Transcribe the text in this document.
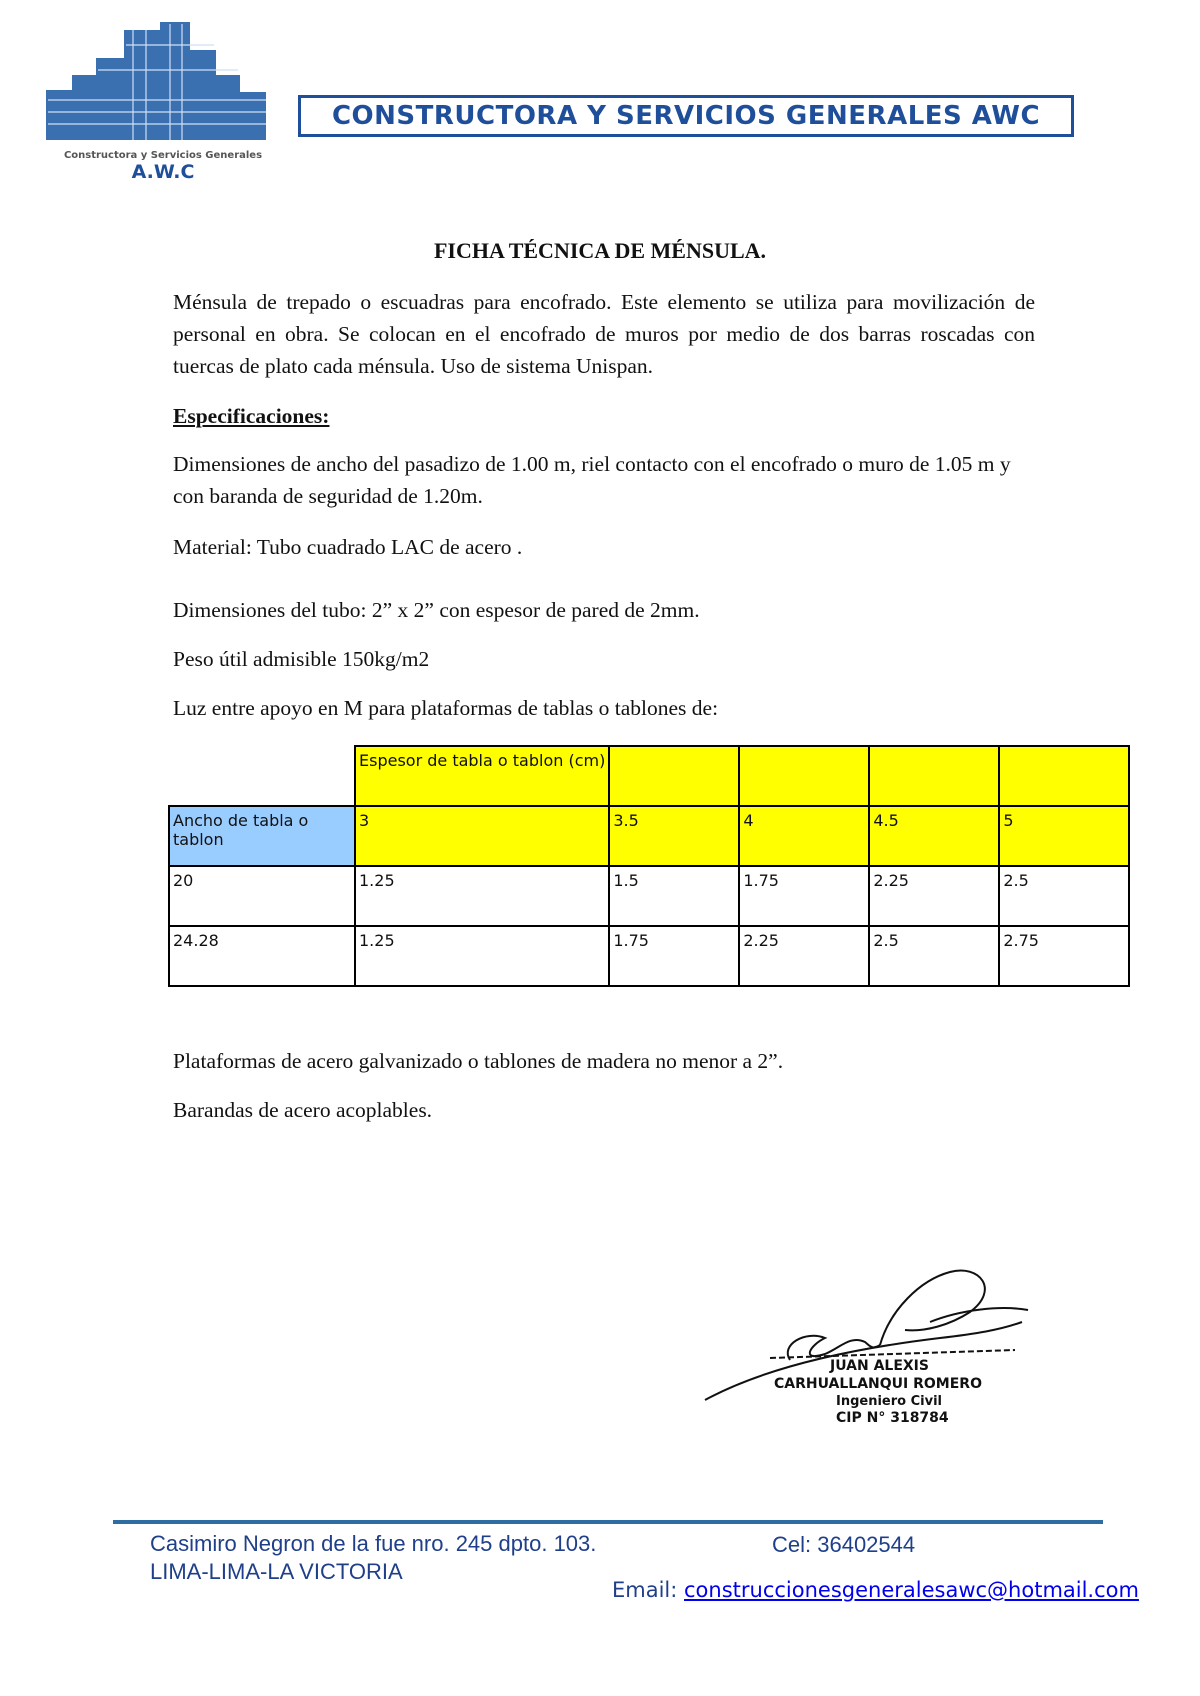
Constructora y Servicios Generales
A.W.C
CONSTRUCTORA Y SERVICIOS GENERALES AWC
FICHA TÉCNICA DE MÉNSULA.
Ménsula de trepado o escuadras para encofrado. Este elemento se utiliza para movilización de personal en obra. Se colocan en el encofrado de muros por medio de dos barras roscadas con tuercas de plato cada ménsula. Uso de sistema Unispan.
Especificaciones:
Dimensiones de ancho del pasadizo de 1.00 m, riel contacto con el encofrado o muro de 1.05 m y con baranda de seguridad de 1.20m.
Material: Tubo cuadrado LAC de acero .
Dimensiones del tubo: 2” x 2” con espesor de pared de 2mm.
Peso útil admisible 150kg/m2
Luz entre apoyo en M para plataformas de tablas o tablones de:
	Espesor de tabla o tablon (cm)				
Ancho de tabla o tablon	3	3.5	4	4.5	5
20	1.25	1.5	1.75	2.25	2.5
24.28	1.25	1.75	2.25	2.5	2.75
Plataformas de acero galvanizado o tablones de madera no menor a 2”.
Barandas de acero acoplables.
JUAN ALEXIS
CARHUALLANQUI ROMERO
Ingeniero Civil
CIP N° 318784
Casimiro Negron de la fue nro. 245 dpto. 103.
LIMA-LIMA-LA VICTORIA
Cel: 36402544
Email: construccionesgeneralesawc@hotmail.com
